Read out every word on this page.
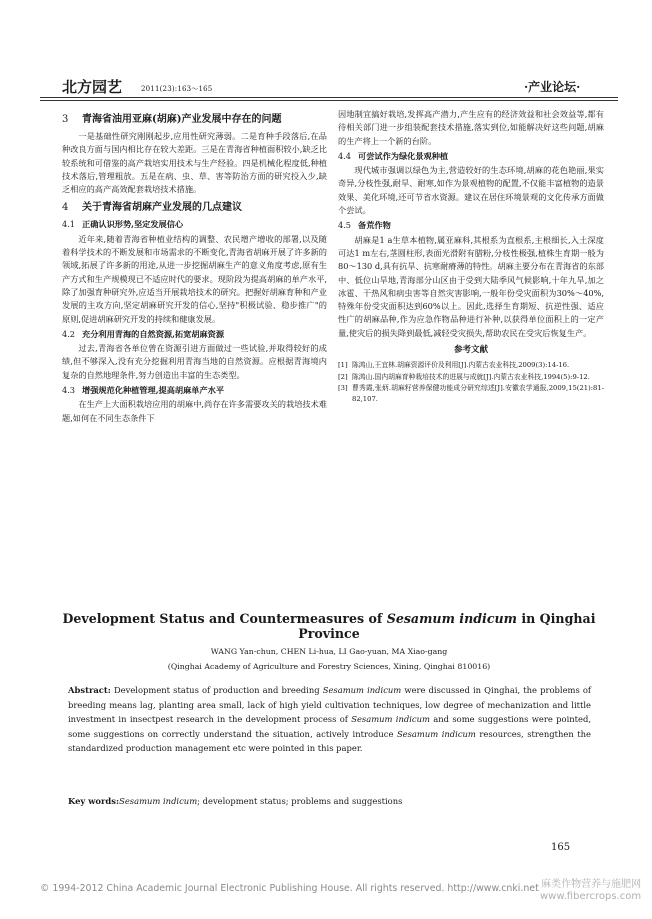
北方园艺	2011(23):163～165	·产业论坛·
3 青海省油用亚麻(胡麻)产业发展中存在的问题

一是基础性研究刚刚起步,应用性研究薄弱。二是育种手段落后,在品种改良方面与国内相比存在较大差距。三是在青海省种植面积较小,缺乏比较系统和可借鉴的高产栽培实用技术与生产经验。四是机械化程度低,种植技术落后,管理粗放。五是在病、虫、草、害等防治方面的研究投入少,缺乏相应的高产高效配套栽培技术措施。

4 关于青海省胡麻产业发展的几点建议
4.1 正确认识形势,坚定发展信心

近年来,随着青海省种植业结构的调整、农民增产增收的部署,以及随着科学技术的不断发展和市场需求的不断变化,青海省胡麻开展了许多新的领域,拓展了许多新的用途,从进一步挖掘胡麻生产的意义角度考虑,原有生产方式和生产规模现已不适应时代的要求。现阶段为提高胡麻的单产水平,除了加强育种研究外,应适当开展栽培技术的研究。把握好胡麻育种和产业发展的主攻方向,坚定胡麻研究开发的信心,坚持"积极试验、稳步推广"的原则,促进胡麻研究开发的持续和健康发展。

4.2 充分利用青海的自然资源,拓宽胡麻资源

过去,青海省各单位曾在资源引进方面做过一些试验,并取得较好的成绩,但不够深入,没有充分挖掘利用青海当地的自然资源。应根据青海境内复杂的自然地理条件,努力创造出丰富的生态类型。

4.3 增强规范化种植管理,提高胡麻单产水平

在生产上大面积栽培应用的胡麻中,尚存在许多需要攻关的栽培技术难题,如何在不同生态条件下

因地制宜搞好栽培,发挥高产潜力,产生应有的经济效益和社会效益等,都有待相关部门进一步组装配套技术措施,落实到位,如能解决好这些问题,胡麻的生产将上一个新的台阶。

4.4 可尝试作为绿化景观种植

现代城市强调以绿色为主,营造较好的生态环境,胡麻的花色艳丽,果实奇异,分枝性强,耐旱、耐寒,如作为景观植物的配置,不仅能丰富植物的造景效果、美化环境,还可节省水资源。建议在居住环境景观的文化传承方面做个尝试。

4.5 备荒作物

胡麻是1 a生草本植物,属亚麻科,其根系为直根系,主根细长,入土深度可达1 m左右,茎圆柱形,表面光滑附有腊粉,分枝性极强,植株生育期一般为80～130 d,具有抗旱、抗寒耐瘠薄的特性。胡麻主要分布在青海省的东部中、低位山旱地,青海部分山区由于受到大陆季风气候影响,十年九旱,加之冰雹、干热风和病虫害等自然灾害影响,一般年份受灾面积为30%～40%,特殊年份受灾面积达到60%以上。因此,选择生育期短、抗逆性强、适应性广的胡麻品种,作为应急作物品种进行补种,以获得单位面积上的一定产量,使灾后的损失降到最低,减轻受灾损失,帮助农民在受灾后恢复生产。

参考文献

[1] 陈鸿山,王宜林.胡麻资源评价及利用[J].内蒙古农业科技,2009(3):14-16.

[2] 陈鸿山.国内胡麻育种栽培技术的进展与成就[J].内蒙古农业科技,1994(5):9-12.

[3] 曹秀霞,张炳.胡麻籽营养保健功能成分研究综述[J].安徽农学通报,2009,15(21):81-82,107.

Development Status and Countermeasures of Sesamum indicum in Qinghai Province
WANG Yan-chun, CHEN Li-hua, LI Gao-yuan, MA Xiao-gang
(Qinghai Academy of Agriculture and Forestry Sciences, Xining, Qinghai 810016)
Abstract: Development status of production and breeding Sesamum indicum were discussed in Qinghai, the problems of breeding means lag, planting area small, lack of high yield cultivation techniques, low degree of mechanization and little investment in insectpest research in the development process of Sesamum indicum and some suggestions were pointed, some suggestions on correctly understand the situation, actively introduce Sesamum indicum resources, strengthen the standardized production management etc were pointed in this paper.
Key words:Sesamum indicum; development status; problems and suggestions
165
© 1994-2012 China Academic Journal Electronic Publishing House. All rights reserved. http://www.cnki.net 麻类作物营养与施肥网
www.fibercrops.com
